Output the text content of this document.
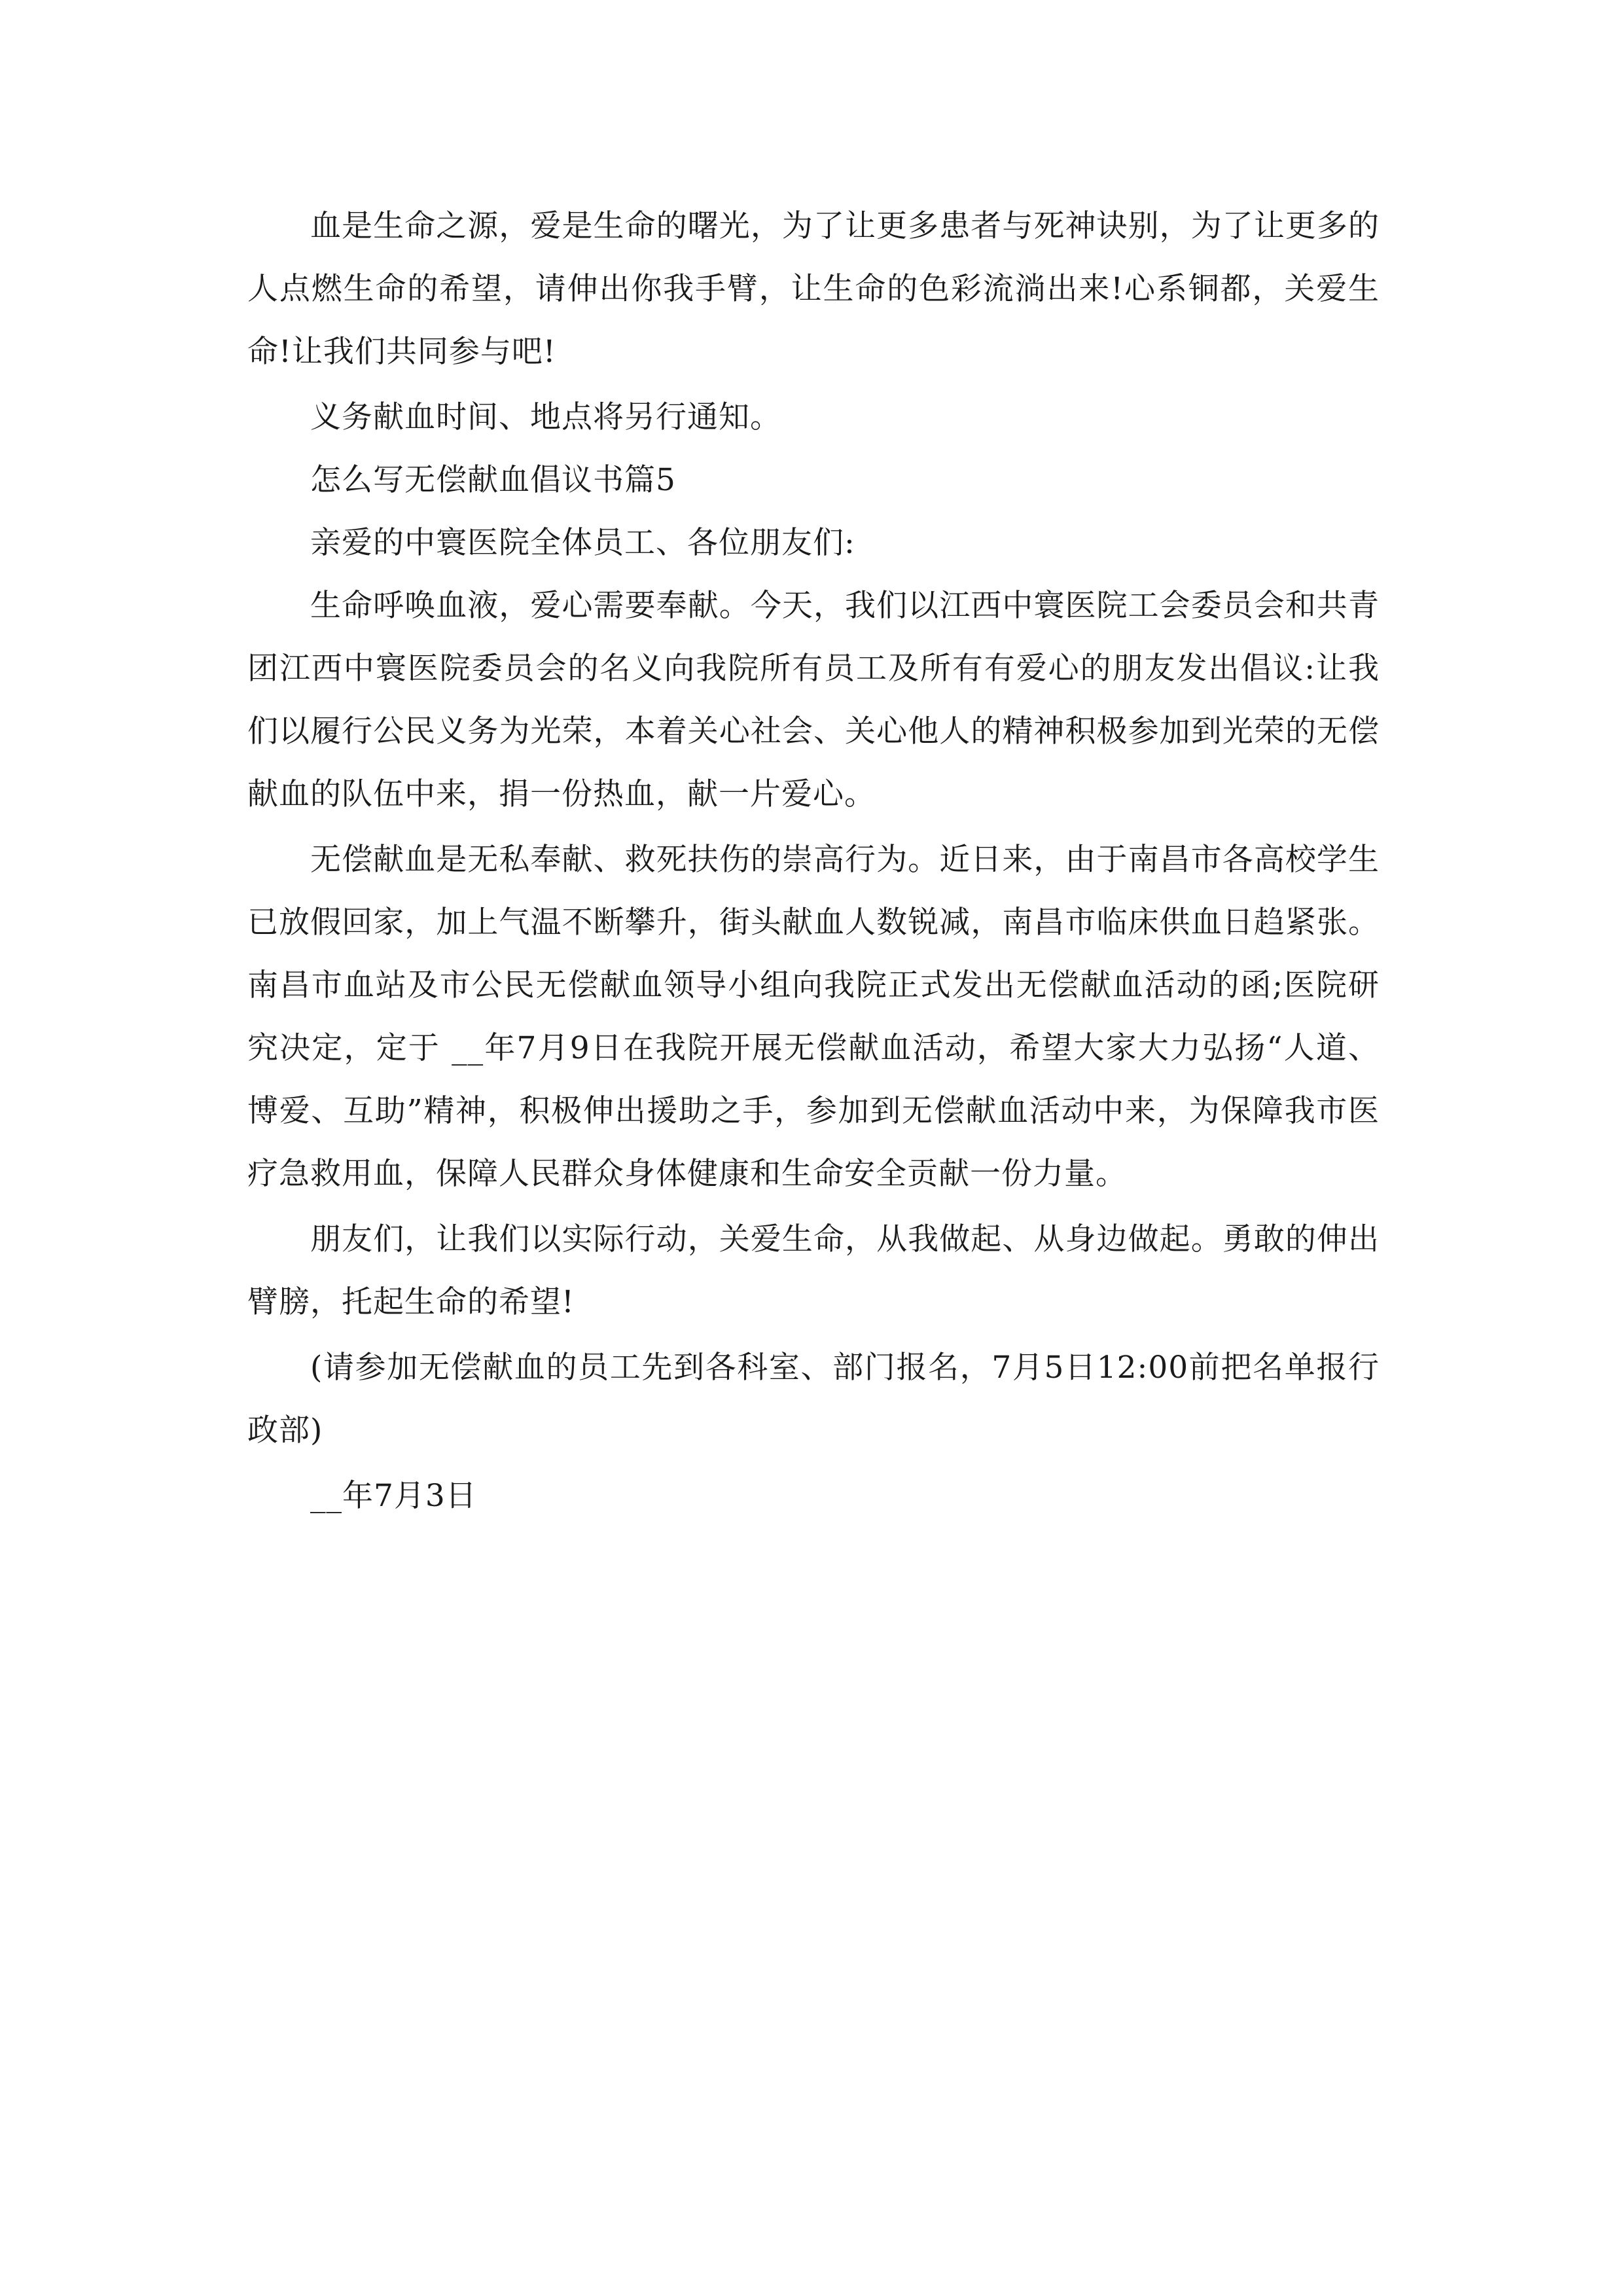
血是生命之源，爱是生命的曙光，为了让更多患者与死神诀别，为了让更多的人点燃生命的希望，请伸出你我手臂，让生命的色彩流淌出来!心系铜都，关爱生命!让我们共同参与吧!

义务献血时间、地点将另行通知。

怎么写无偿献血倡议书篇5

亲爱的中寰医院全体员工、各位朋友们:

生命呼唤血液，爱心需要奉献。今天，我们以江西中寰医院工会委员会和共青团江西中寰医院委员会的名义向我院所有员工及所有有爱心的朋友发出倡议:让我们以履行公民义务为光荣，本着关心社会、关心他人的精神积极参加到光荣的无偿献血的队伍中来，捐一份热血，献一片爱心。

无偿献血是无私奉献、救死扶伤的崇高行为。近日来，由于南昌市各高校学生已放假回家，加上气温不断攀升，街头献血人数锐减，南昌市临床供血日趋紧张。南昌市血站及市公民无偿献血领导小组向我院正式发出无偿献血活动的函;医院研究决定，定于 __年7月9日在我院开展无偿献血活动，希望大家大力弘扬“人道、博爱、互助”精神，积极伸出援助之手，参加到无偿献血活动中来，为保障我市医疗急救用血，保障人民群众身体健康和生命安全贡献一份力量。

朋友们，让我们以实际行动，关爱生命，从我做起、从身边做起。勇敢的伸出臂膀，托起生命的希望!

(请参加无偿献血的员工先到各科室、部门报名，7月5日12:00前把名单报行政部)

__年7月3日
